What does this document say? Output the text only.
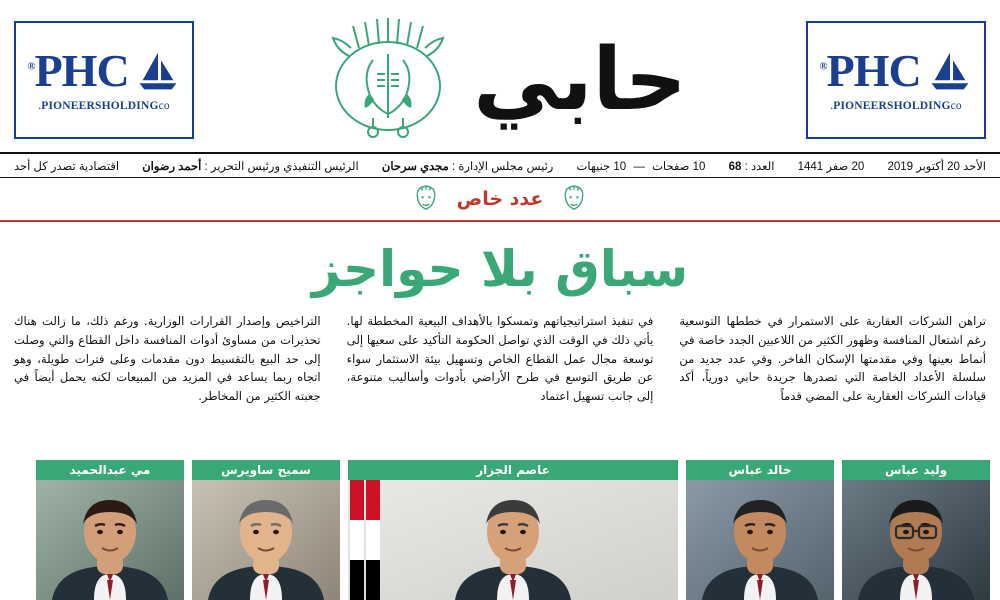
PHC®
PIONEERSHOLDINGco.
حابي
PHC®
PIONEERSHOLDINGco.
الأحد 20 أكتوبر 2019
20 صفر 1441
العدد : 68
10 صفحات — 10 جنيهات
رئيس مجلس الإدارة : مجدي سرحان
الرئيس التنفيذي ورئيس التحرير : أحمد رضوان
اقتصادية تصدر كل أحد
عدد خاص
سباق بلا حواجز
تراهن الشركات العقارية على الاستمرار في خططها التوسعية رغم اشتعال المنافسة وظهور الكثير من اللاعبين الجدد خاصة في أنماط بعينها وفي مقدمتها الإسكان الفاخر. وفي عدد جديد من سلسلة الأعداد الخاصة التي تصدرها جريدة حابي دورياً، أكد قيادات الشركات العقارية على المضي قدماً
في تنفيذ استراتيجياتهم وتمسكوا بالأهداف البيعية المخططة لها. يأتي ذلك في الوقت الذي تواصل الحكومة التأكيد على سعيها إلى توسعة مجال عمل القطاع الخاص وتسهيل بيئة الاستثمار سواء عن طريق التوسع في طرح الأراضي بأدوات وأساليب متنوعة، إلى جانب تسهيل اعتماد
التراخيص وإصدار القرارات الوزارية. ورغم ذلك، ما زالت هناك تحذيرات من مساوئ أدوات المنافسة داخل القطاع والتي وصلت إلى حد البيع بالتقسيط دون مقدمات وعلى فترات طويلة، وهو اتجاه ربما يساعد في المزيد من المبيعات لكنه يحمل أيضاً في جعبته الكثير من المخاطر.
وليد عباس
خالد عباس
عاصم الجزار
سميح ساويرس
مي عبدالحميد
